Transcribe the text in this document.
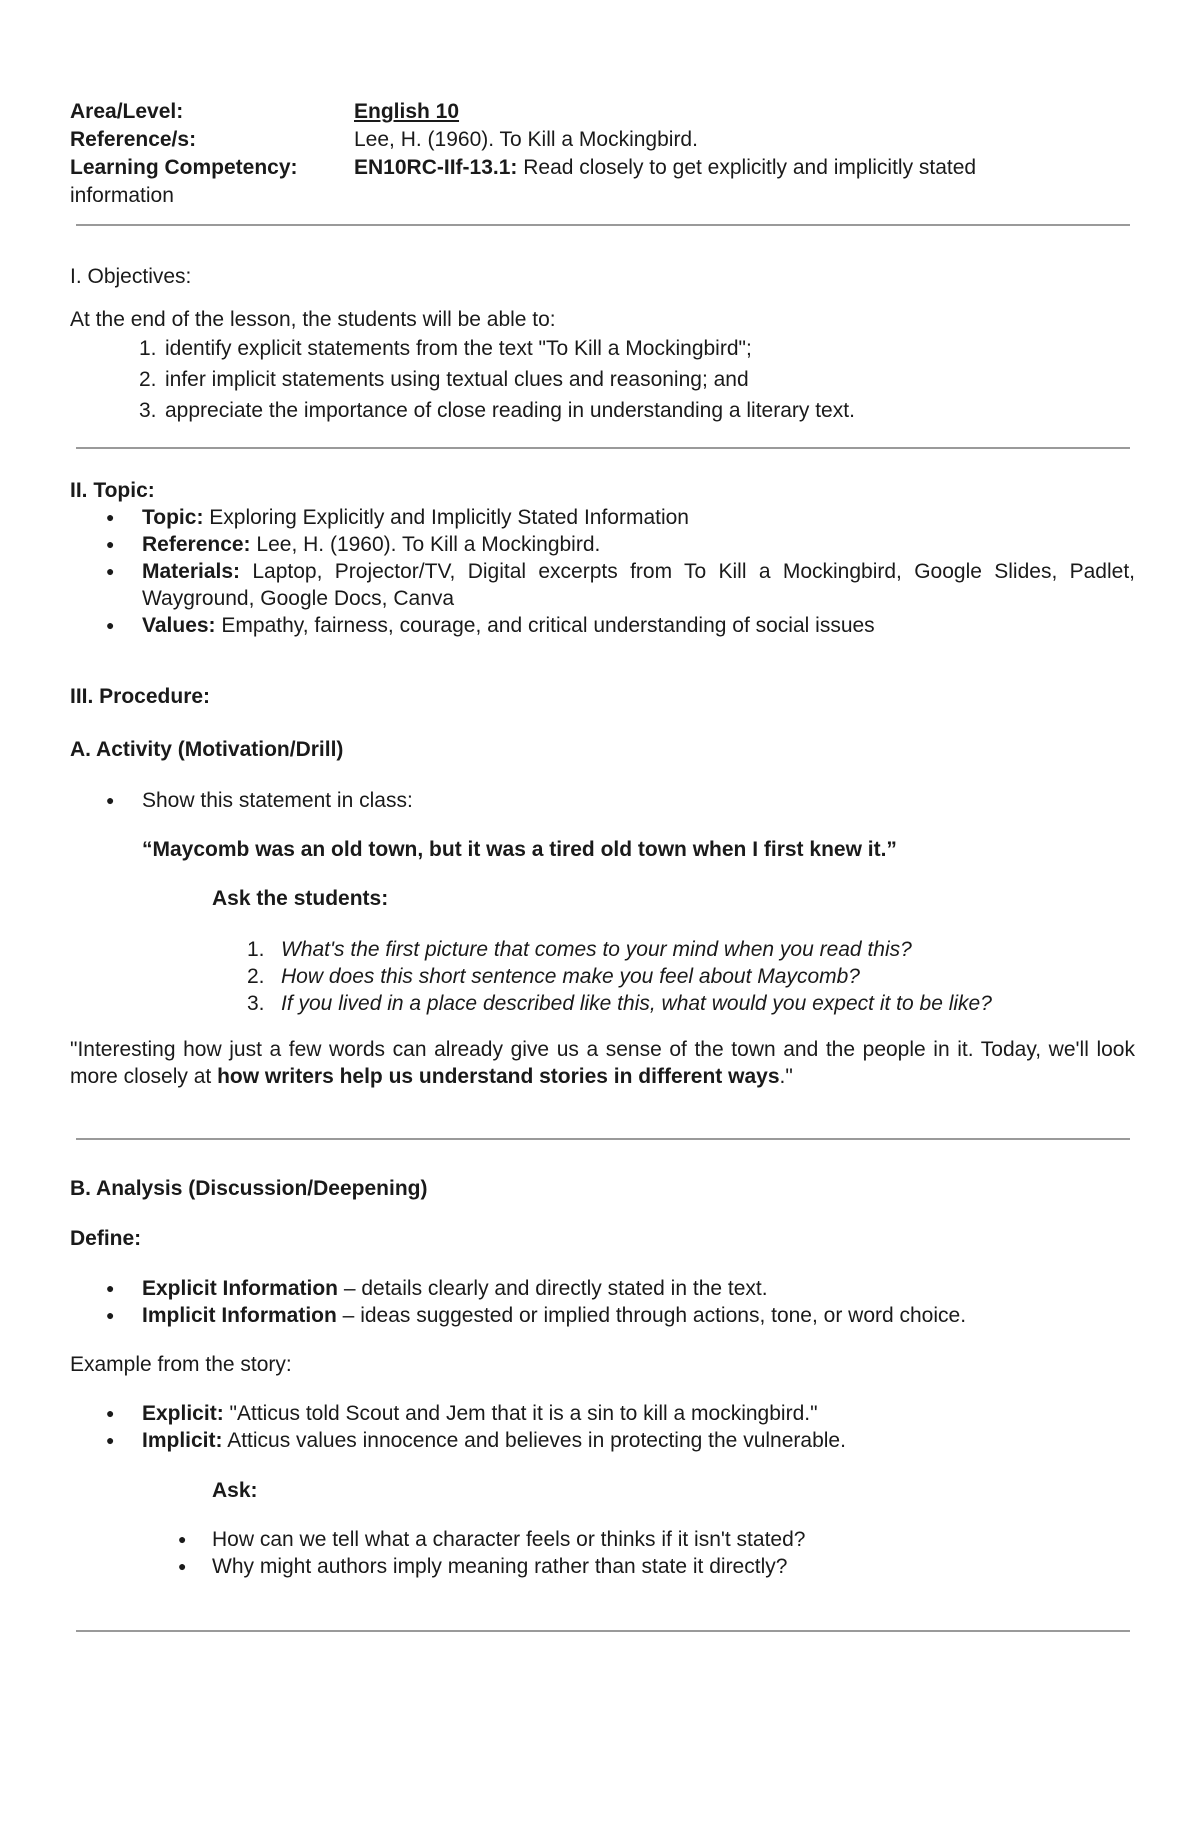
Area/Level:	English 10
Reference/s:	Lee, H. (1960). To Kill a Mockingbird.
Learning Competency:	EN10RC-IIf-13.1: Read closely to get explicitly and implicitly stated
information
I. Objectives:
At the end of the lesson, the students will be able to:
1. identify explicit statements from the text "To Kill a Mockingbird";
2. infer implicit statements using textual clues and reasoning; and
3. appreciate the importance of close reading in understanding a literary text.
II. Topic:
● Topic: Exploring Explicitly and Implicitly Stated Information
● Reference: Lee, H. (1960). To Kill a Mockingbird.
● Materials: Laptop, Projector/TV, Digital excerpts from To Kill a Mockingbird, Google Slides, Padlet, Wayground, Google Docs, Canva
● Values: Empathy, fairness, courage, and critical understanding of social issues
III. Procedure:
A. Activity (Motivation/Drill)
● Show this statement in class:
“Maycomb was an old town, but it was a tired old town when I first knew it.”
Ask the students:
1. What's the first picture that comes to your mind when you read this?
2. How does this short sentence make you feel about Maycomb?
3. If you lived in a place described like this, what would you expect it to be like?
"Interesting how just a few words can already give us a sense of the town and the people in it. Today, we'll look more closely at how writers help us understand stories in different ways."
B. Analysis (Discussion/Deepening)
Define:
● Explicit Information – details clearly and directly stated in the text.
● Implicit Information – ideas suggested or implied through actions, tone, or word choice.
Example from the story:
● Explicit: "Atticus told Scout and Jem that it is a sin to kill a mockingbird."
● Implicit: Atticus values innocence and believes in protecting the vulnerable.
Ask:
● How can we tell what a character feels or thinks if it isn't stated?
● Why might authors imply meaning rather than state it directly?
